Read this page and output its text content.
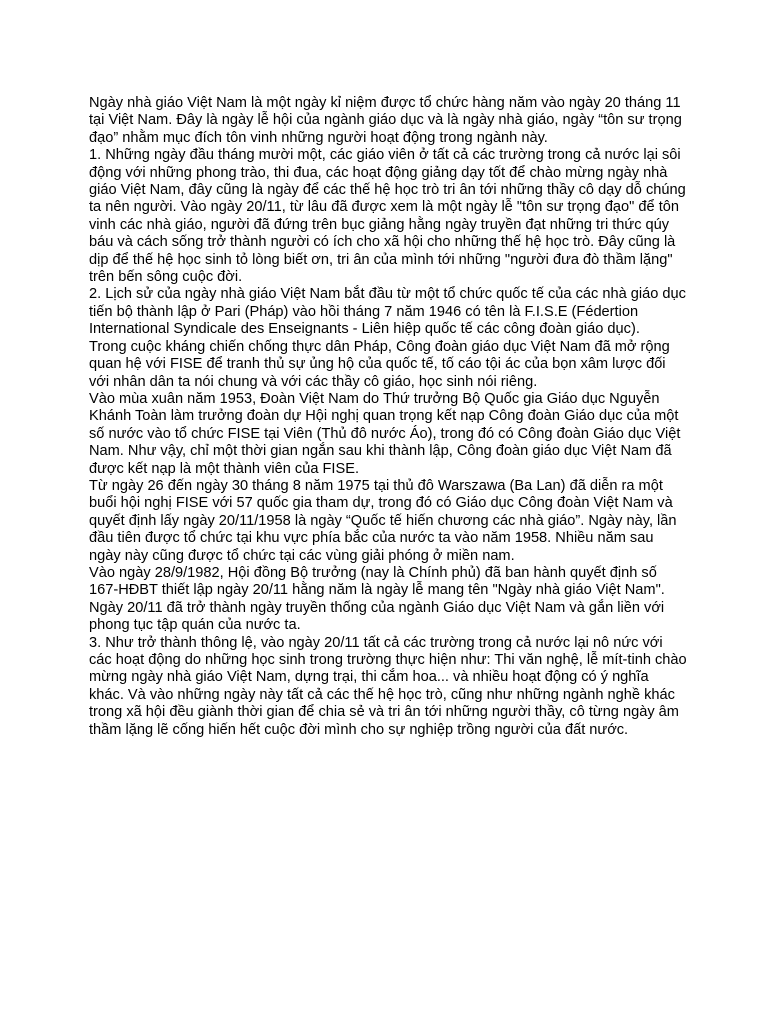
Ngày nhà giáo Việt Nam là một ngày kỉ niệm được tổ chức hàng năm vào ngày 20 tháng 11 tại Việt Nam. Đây là ngày lễ hội của ngành giáo dục và là ngày nhà giáo, ngày “tôn sư trọng đạo” nhằm mục đích tôn vinh những người hoạt động trong ngành này.

1. Những ngày đầu tháng mười một, các giáo viên ở tất cả các trường trong cả nước lại sôi động với những phong trào, thi đua, các hoạt động giảng dạy tốt để chào mừng ngày nhà giáo Việt Nam, đây cũng là ngày để các thế hệ học trò tri ân tới những thầy cô dạy dỗ chúng ta nên người. Vào ngày 20/11, từ lâu đã được xem là một ngày lễ "tôn sư trọng đạo" để tôn vinh các nhà giáo, người đã đứng trên bục giảng hằng ngày truyền đạt những tri thức qúy báu và cách sống trở thành người có ích cho xã hội cho những thế hệ học trò. Đây cũng là dịp để thế hệ học sinh tỏ lòng biết ơn, tri ân của mình tới những "người đưa đò thầm lặng" trên bến sông cuộc đời.

2. Lịch sử của ngày nhà giáo Việt Nam bắt đầu từ một tổ chức quốc tế của các nhà giáo dục tiến bộ thành lập ở Pari (Pháp) vào hồi tháng 7 năm 1946 có tên là F.I.S.E (Fédertion International Syndicale des Enseignants - Liên hiệp quốc tế các công đoàn giáo dục).

Trong cuộc kháng chiến chống thực dân Pháp, Công đoàn giáo dục Việt Nam đã mở rộng quan hệ với FISE để tranh thủ sự ủng hộ của quốc tế, tố cáo tội ác của bọn xâm lược đối với nhân dân ta nói chung và với các thầy cô giáo, học sinh nói riêng.

Vào mùa xuân năm 1953, Đoàn Việt Nam do Thứ trưởng Bộ Quốc gia Giáo dục Nguyễn Khánh Toàn làm trưởng đoàn dự Hội nghị quan trọng kết nạp Công đoàn Giáo dục của một số nước vào tổ chức FISE tại Viên (Thủ đô nước Áo), trong đó có Công đoàn Giáo dục Việt Nam. Như vậy, chỉ một thời gian ngắn sau khi thành lập, Công đoàn giáo dục Việt Nam đã được kết nạp là một thành viên của FISE.

Từ ngày 26 đến ngày 30 tháng 8 năm 1975 tại thủ đô Warszawa (Ba Lan) đã diễn ra một buổi hội nghị FISE với 57 quốc gia tham dự, trong đó có Giáo dục Công đoàn Việt Nam và quyết định lấy ngày 20/11/1958 là ngày “Quốc tế hiến chương các nhà giáo”. Ngày này, lần đầu tiên được tổ chức tại khu vực phía bắc của nước ta vào năm 1958. Nhiều năm sau ngày này cũng được tổ chức tại các vùng giải phóng ở miền nam.

Vào ngày 28/9/1982, Hội đồng Bộ trưởng (nay là Chính phủ) đã ban hành quyết định số 167-HĐBT thiết lập ngày 20/11 hằng năm là ngày lễ mang tên "Ngày nhà giáo Việt Nam". Ngày 20/11 đã trở thành ngày truyền thống của ngành Giáo dục Việt Nam và gắn liền với phong tục tập quán của nước ta.

3. Như trở thành thông lệ, vào ngày 20/11 tất cả các trường trong cả nước lại nô nức với các hoạt động do những học sinh trong trường thực hiện như: Thi văn nghệ, lễ mít-tinh chào mừng ngày nhà giáo Việt Nam, dựng trại, thi cắm hoa... và nhiều hoạt động có ý nghĩa khác. Và vào những ngày này tất cả các thế hệ học trò, cũng như những ngành nghề khác trong xã hội đều giành thời gian để chia sẻ và tri ân tới những người thầy, cô từng ngày âm thầm lặng lẽ cống hiến hết cuộc đời mình cho sự nghiệp trồng người của đất nước.
